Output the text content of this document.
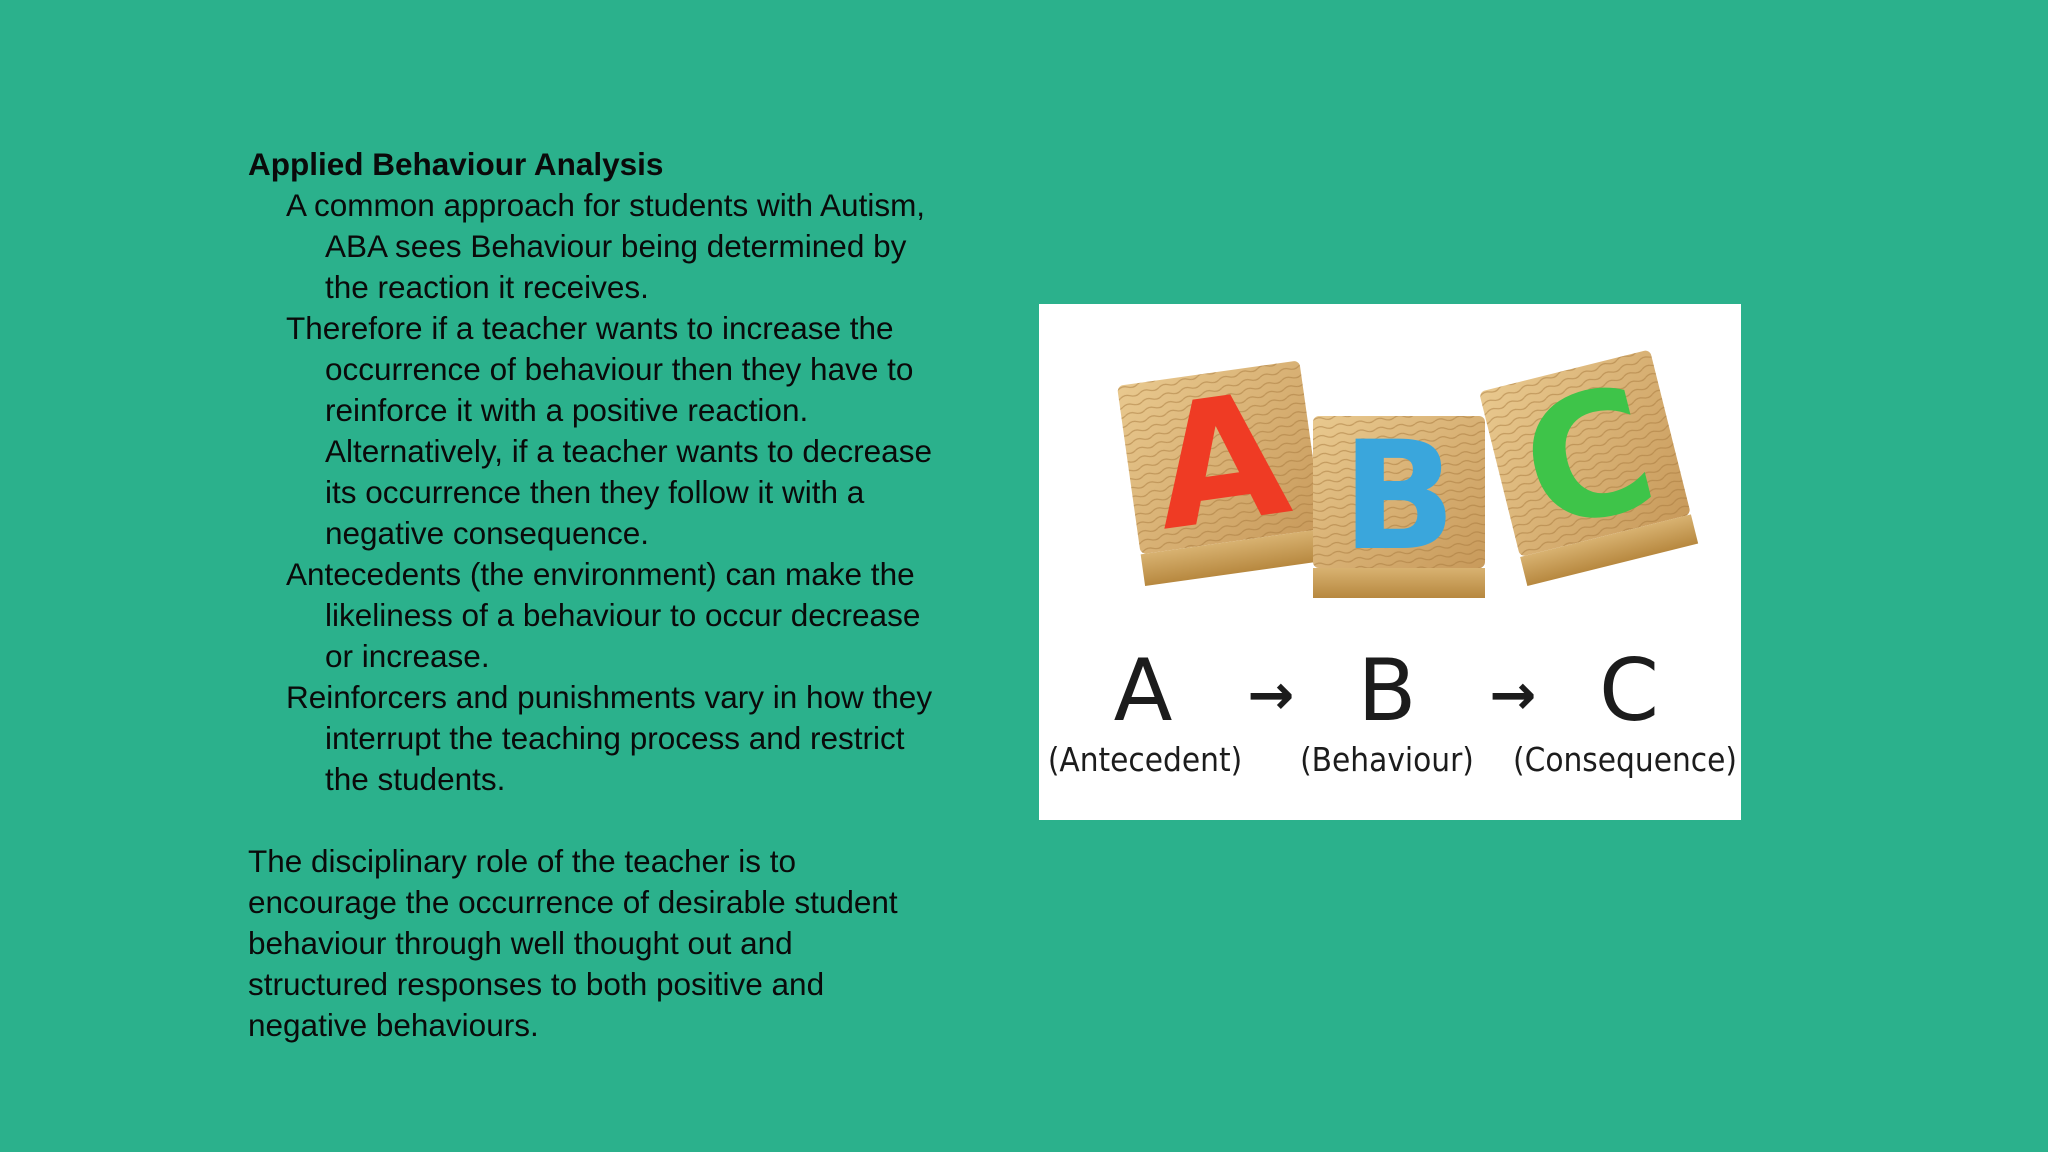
Applied Behaviour Analysis

A common approach for students with Autism, ABA sees Behaviour being determined by the reaction it receives.
Therefore if a teacher wants to increase the occurrence of behaviour then they have to reinforce it with a positive reaction. Alternatively, if a teacher wants to decrease its occurrence then they follow it with a negative consequence.
Antecedents (the environment) can make the likeliness of a behaviour to occur decrease or increase.
Reinforcers and punishments vary in how they interrupt the teaching process and restrict the students.

The disciplinary role of the teacher is to encourage the occurrence of desirable student behaviour through well thought out and structured responses to both positive and negative behaviours.

A B C
A → B → C
(Antecedent) (Behaviour) (Consequence)
